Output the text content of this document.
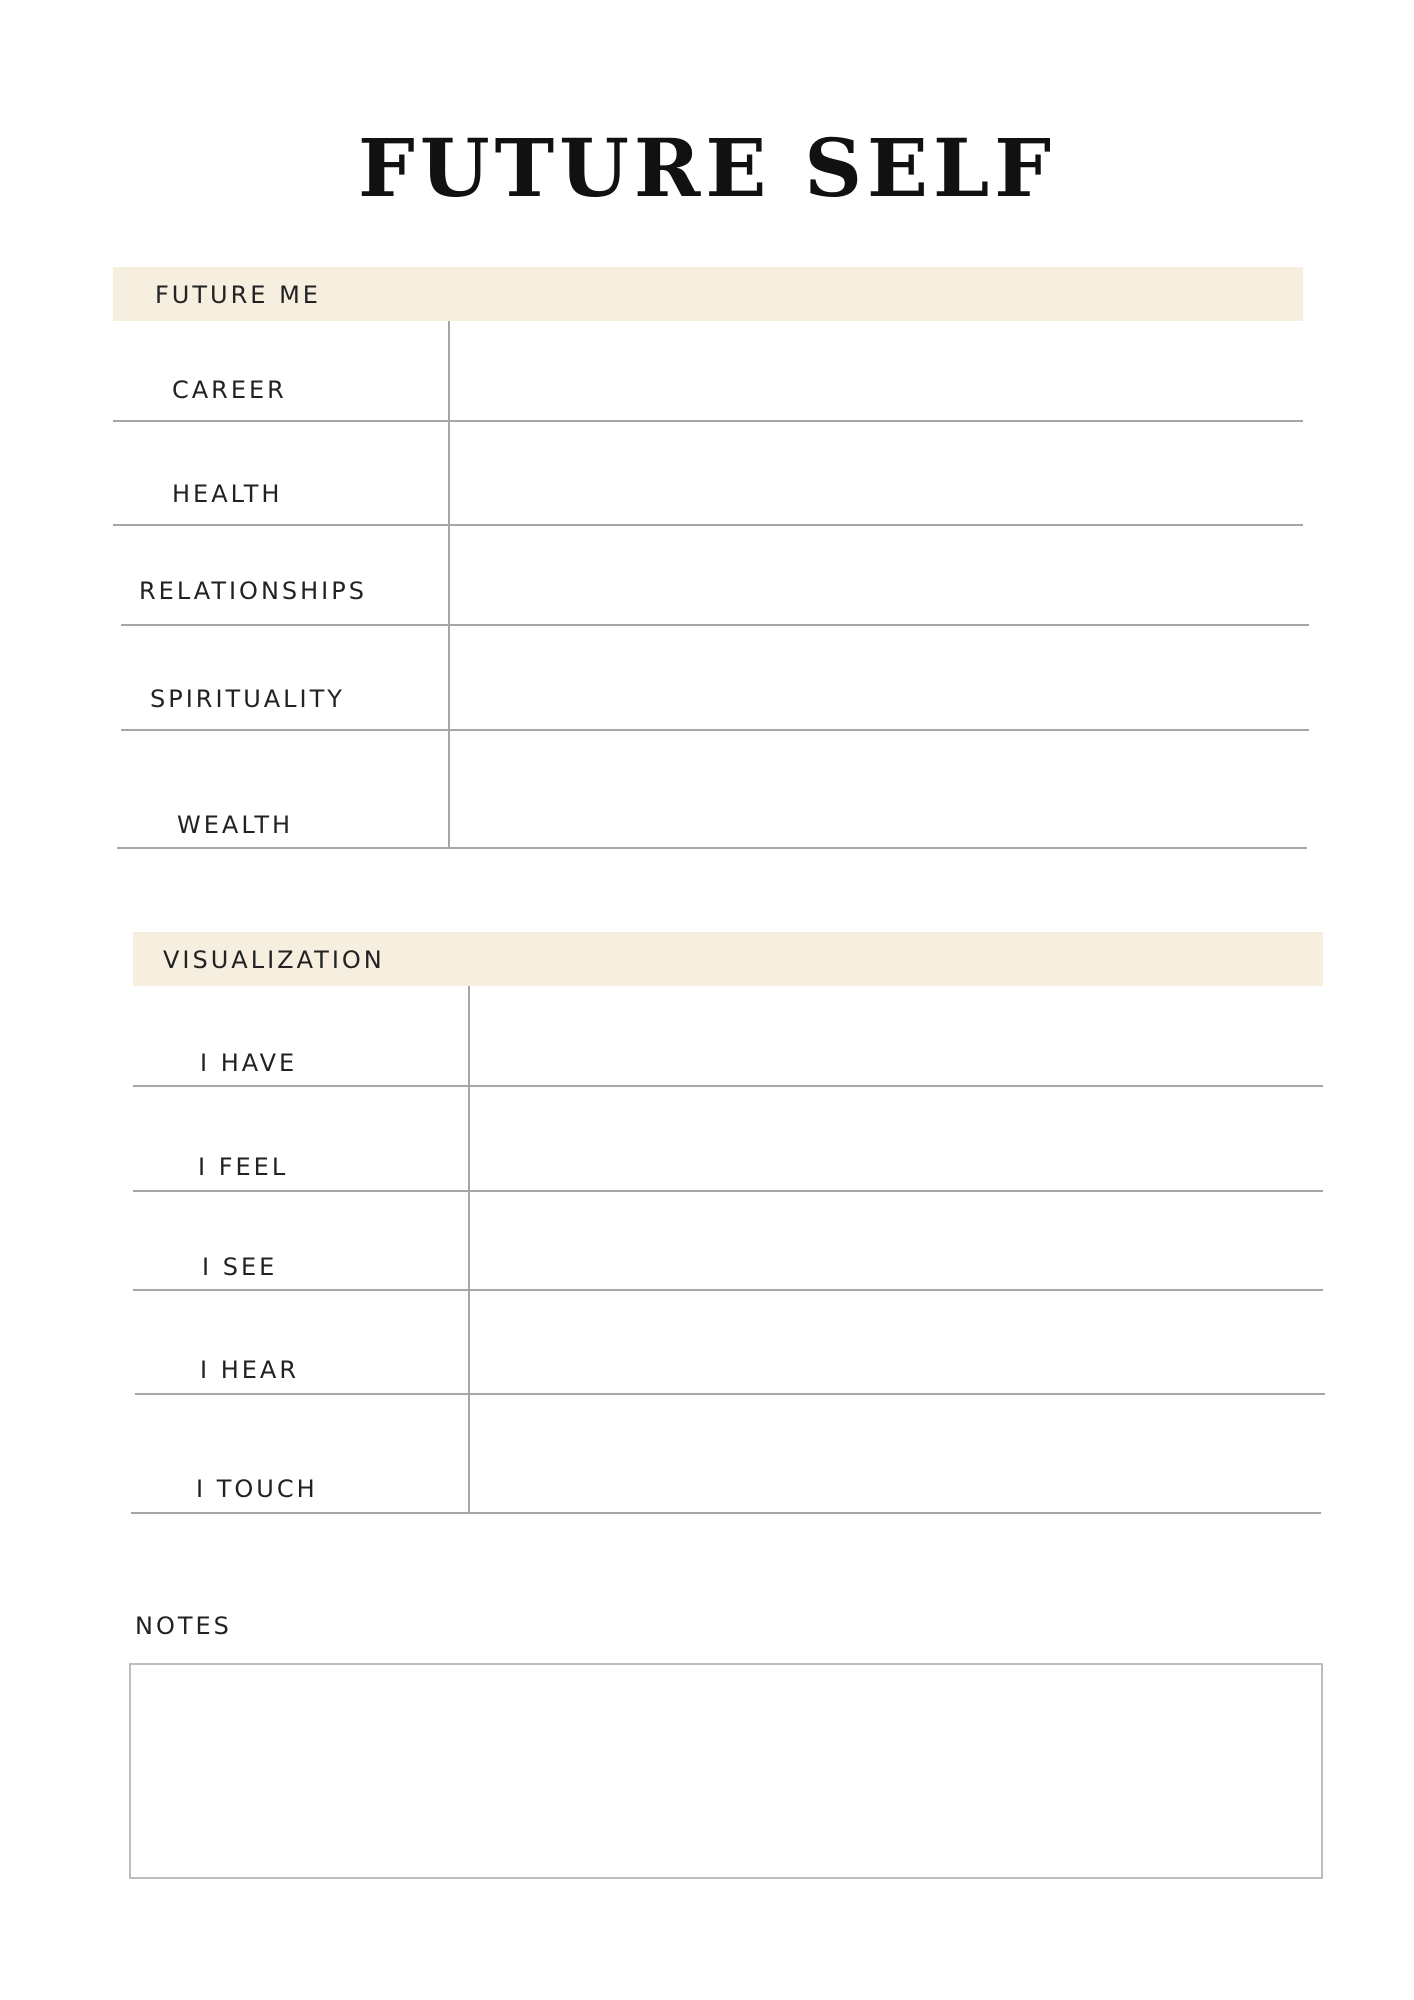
FUTURE SELF
FUTURE ME
CAREER
HEALTH
RELATIONSHIPS
SPIRITUALITY
WEALTH
VISUALIZATION
I HAVE
I FEEL
I SEE
I HEAR
I TOUCH
NOTES
